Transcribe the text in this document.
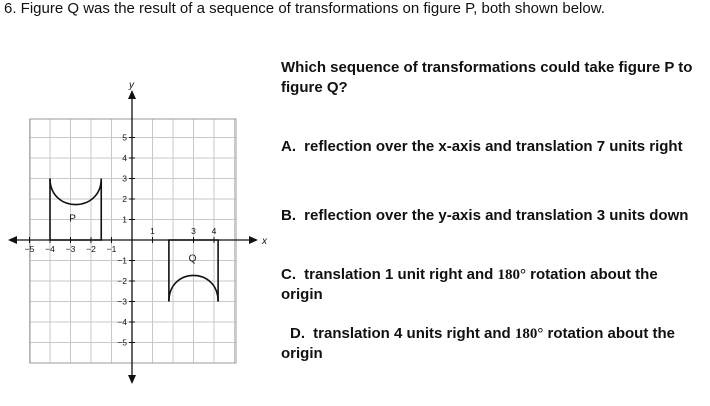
6. Figure Q was the result of a sequence of transformations on figure P, both shown below.
x
y
−5 −4 −3 −2 −1
1	3 4
1
2
3
4
5
−1
−2
−3
−4
−5
P
Q
Which sequence of transformations could take figure P to figure Q?
A. reflection over the x-axis and translation 7 units right
B. reflection over the y-axis and translation 3 units down
C. translation 1 unit right and 180° rotation about the
origin
D. translation 4 units right and 180° rotation about the
origin
